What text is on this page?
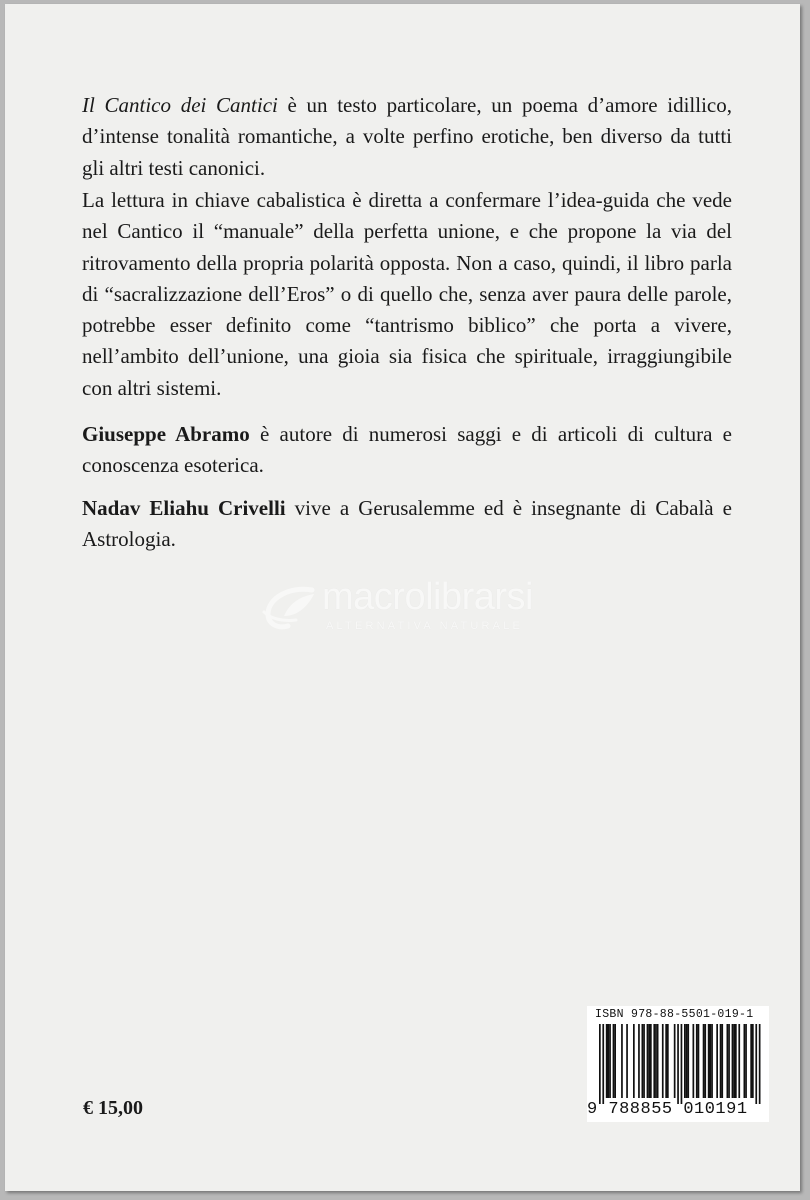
Il Cantico dei Cantici è un testo particolare, un poema d’amore idillico, d’intense tonalità romantiche, a volte perfino erotiche, ben diverso da tutti gli altri testi canonici.

La lettura in chiave cabalistica è diretta a confermare l’idea-guida che vede nel Cantico il “manuale” della perfetta unione, e che propone la via del ritrovamento della propria polarità opposta. Non a caso, quindi, il libro parla di “sacralizzazione dell’Eros” o di quello che, senza aver paura delle parole, potrebbe esser definito come “tantrismo biblico” che porta a vivere, nell’ambito dell’unione, una gioia sia fisica che spirituale, irraggiungibile con altri sistemi.

Giuseppe Abramo è autore di numerosi saggi e di articoli di cultura e conoscenza esoterica.

Nadav Eliahu Crivelli vive a Gerusalemme ed è insegnante di Cabalà e Astrologia.

macrolibrarsi
ALTERNATIVA NATURALE
ISBN 978-88-5501-019-1
9 788855 010191
€ 15,00
